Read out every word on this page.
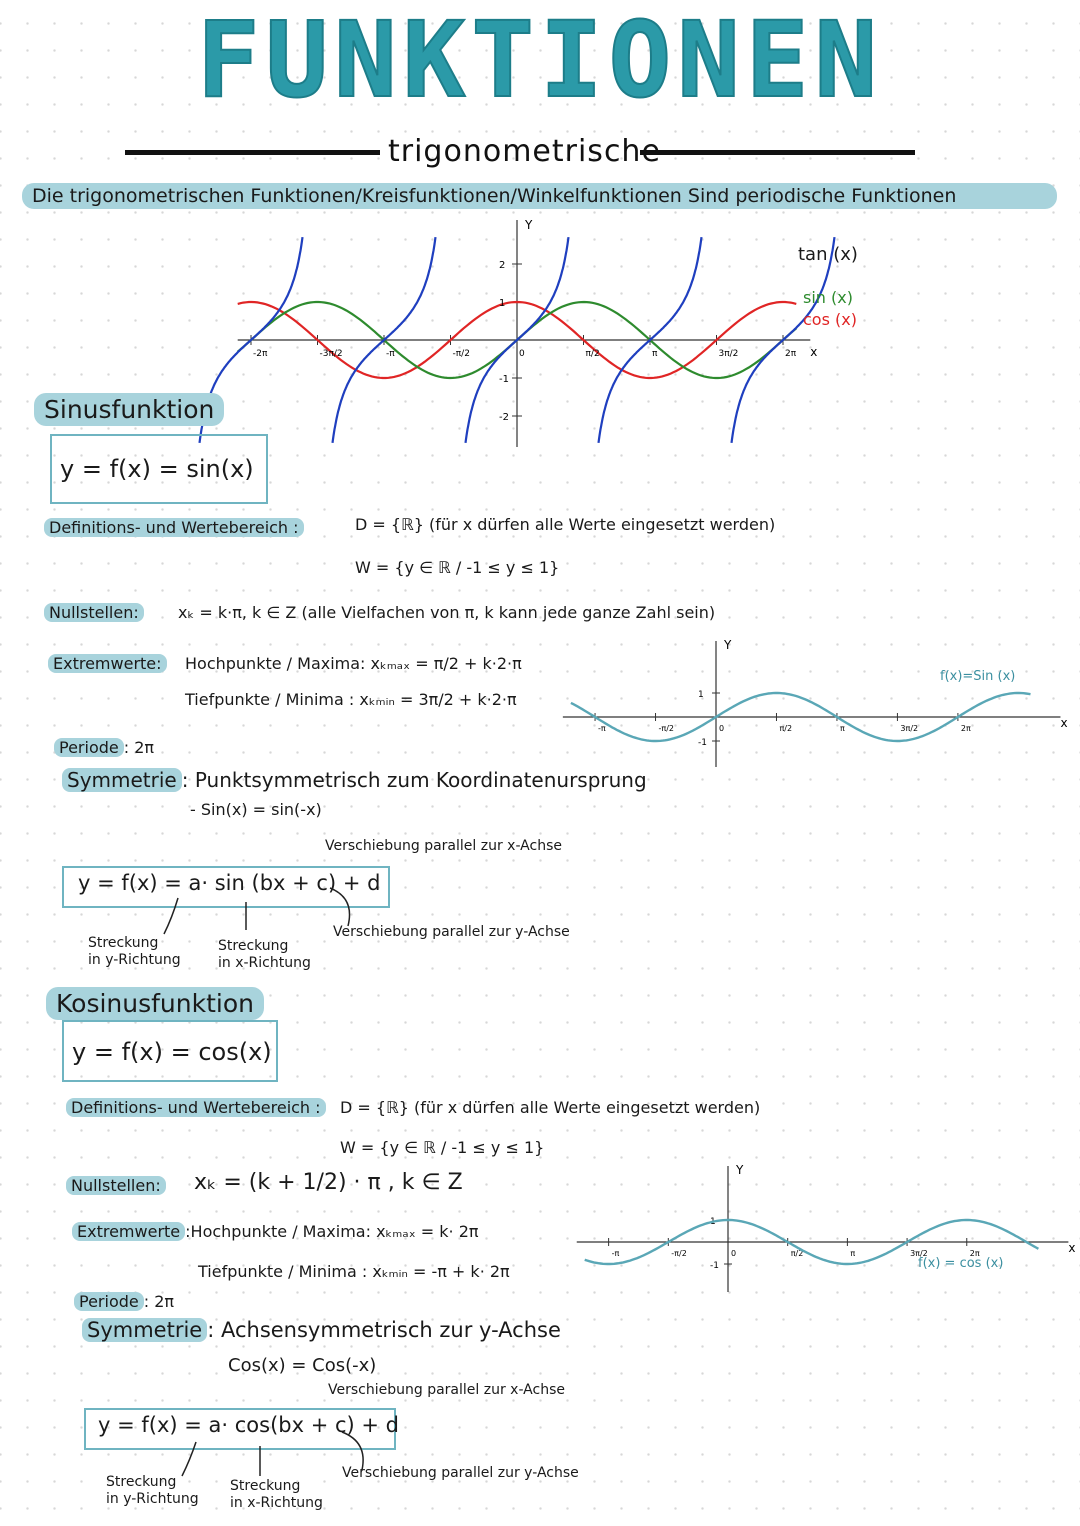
FUNKTIONEN
trigonometrische
Die trigonometrischen Funktionen/Kreisfunktionen/Winkelfunktionen Sind periodische Funktionen
Y
x
2
1
-1
-2
-2π	-3π/2	-π	-π/2	0	π/2	π	3π/2	2π
tan (x)
sin (x)
cos (x)
Sinusfunktion
y = f(x) = sin(x)
Definitions- und Wertebereich :	D = {ℝ} (für x dürfen alle Werte eingesetzt werden)
W = {y ∈ ℝ / -1 ≤ y ≤ 1}
Nullstellen:	xₖ = k·π, k ∈ Z (alle Vielfachen von π, k kann jede ganze Zahl sein)
Extremwerte:	Hochpunkte / Maxima: xₖₘₐₓ = π/2 + k·2·π
Tiefpunkte / Minima : xₖₘᵢₙ = 3π/2 + k·2·π
Periode : 2π
Symmetrie : Punktsymmetrisch zum Koordinatenursprung
- Sin(x) = sin(-x)
Y
x
1
-1
-π	-π/2	0	π/2	π	3π/2	2π
f(x)=Sin (x)
Verschiebung parallel zur x-Achse
y = f(x) = a· sin (bx + c) + d
Verschiebung parallel zur y-Achse
Streckung
in y-Richtung
Streckung
in x-Richtung
Kosinusfunktion
y = f(x) = cos(x)
Definitions- und Wertebereich :	D = {ℝ} (für x dürfen alle Werte eingesetzt werden)
W = {y ∈ ℝ / -1 ≤ y ≤ 1}
Nullstellen: xₖ = (k + 1/2) · π , k ∈ Z
Extremwerte :Hochpunkte / Maxima: xₖₘₐₓ = k· 2π
Tiefpunkte / Minima : xₖₘᵢₙ = -π + k· 2π
Periode : 2π
Symmetrie : Achsensymmetrisch zur y-Achse
Cos(x) = Cos(-x)
Y
x
1
-1
-π	-π/2	0	π/2	π	3π/2	2π
f(x) = cos (x)
Verschiebung parallel zur x-Achse
y = f(x) = a· cos(bx + c) + d
Verschiebung parallel zur y-Achse
Streckung
in y-Richtung
Streckung
in x-Richtung
